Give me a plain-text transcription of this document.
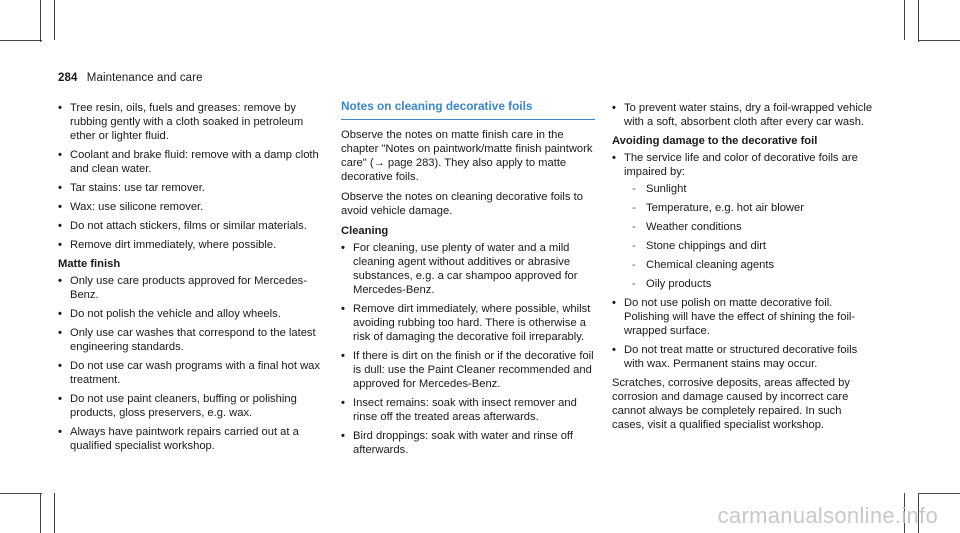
284 Maintenance and care
• Tree resin, oils, fuels and greases: remove by rubbing gently with a cloth soaked in petroleum ether or lighter fluid.
• Coolant and brake fluid: remove with a damp cloth and clean water.
• Tar stains: use tar remover.
• Wax: use silicone remover.
• Do not attach stickers, films or similar materials.
• Remove dirt immediately, where possible.
Matte finish
• Only use care products approved for Mercedes-Benz.
• Do not polish the vehicle and alloy wheels.
• Only use car washes that correspond to the latest engineering standards.
• Do not use car wash programs with a final hot wax treatment.
• Do not use paint cleaners, buffing or polishing products, gloss preservers, e.g. wax.
• Always have paintwork repairs carried out at a qualified specialist workshop.
Notes on cleaning decorative foils

Observe the notes on matte finish care in the chapter "Notes on paintwork/matte finish paintwork care" (→ page 283). They also apply to matte decorative foils.

Observe the notes on cleaning decorative foils to avoid vehicle damage.

Cleaning
• For cleaning, use plenty of water and a mild cleaning agent without additives or abrasive substances, e.g. a car shampoo approved for Mercedes-Benz.
• Remove dirt immediately, where possible, whilst avoiding rubbing too hard. There is otherwise a risk of damaging the decorative foil irreparably.
• If there is dirt on the finish or if the decorative foil is dull: use the Paint Cleaner recommended and approved for Mercedes-Benz.
• Insect remains: soak with insect remover and rinse off the treated areas afterwards.
• Bird droppings: soak with water and rinse off afterwards.
• To prevent water stains, dry a foil-wrapped vehicle with a soft, absorbent cloth after every car wash.
Avoiding damage to the decorative foil
• The service life and color of decorative foils are impaired by:
- Sunlight
- Temperature, e.g. hot air blower
- Weather conditions
- Stone chippings and dirt
- Chemical cleaning agents
- Oily products
• Do not use polish on matte decorative foil. Polishing will have the effect of shining the foil-wrapped surface.
• Do not treat matte or structured decorative foils with wax. Permanent stains may occur.

Scratches, corrosive deposits, areas affected by corrosion and damage caused by incorrect care cannot always be completely repaired. In such cases, visit a qualified specialist workshop.

carmanualsonline.info
